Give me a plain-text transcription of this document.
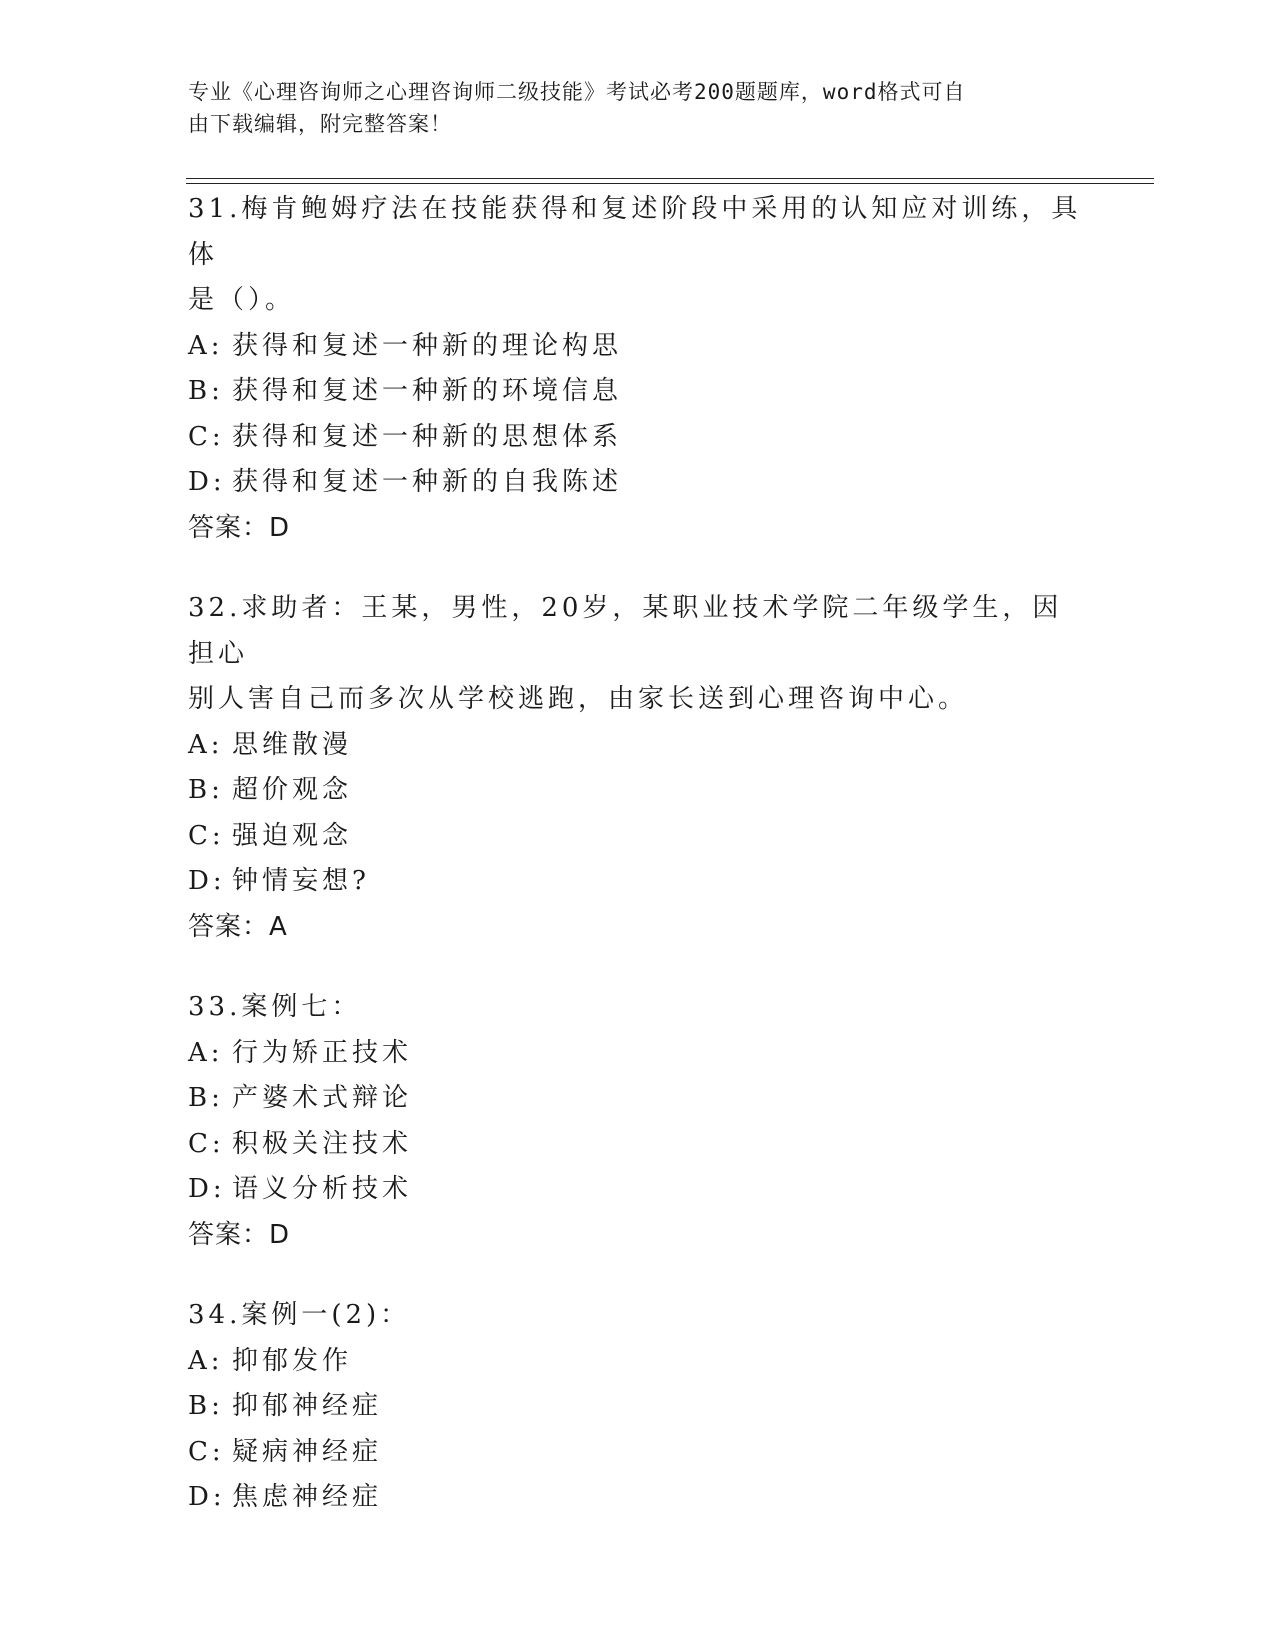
专业《心理咨询师之心理咨询师二级技能》考试必考200题题库，word格式可自
由下载编辑，附完整答案！
31.梅肯鲍姆疗法在技能获得和复述阶段中采用的认知应对训练，具体
是（）。
A: 获得和复述一种新的理论构思
B: 获得和复述一种新的环境信息
C: 获得和复述一种新的思想体系
D: 获得和复述一种新的自我陈述
答案：D
32.求助者：王某，男性，20岁，某职业技术学院二年级学生，因担心
别人害自己而多次从学校逃跑，由家长送到心理咨询中心。
A: 思维散漫
B: 超价观念
C: 强迫观念
D: 钟情妄想?
答案：A
33.案例七：
A: 行为矫正技术
B: 产婆术式辩论
C: 积极关注技术
D: 语义分析技术
答案：D
34.案例一(2)：
A: 抑郁发作
B: 抑郁神经症
C: 疑病神经症
D: 焦虑神经症
